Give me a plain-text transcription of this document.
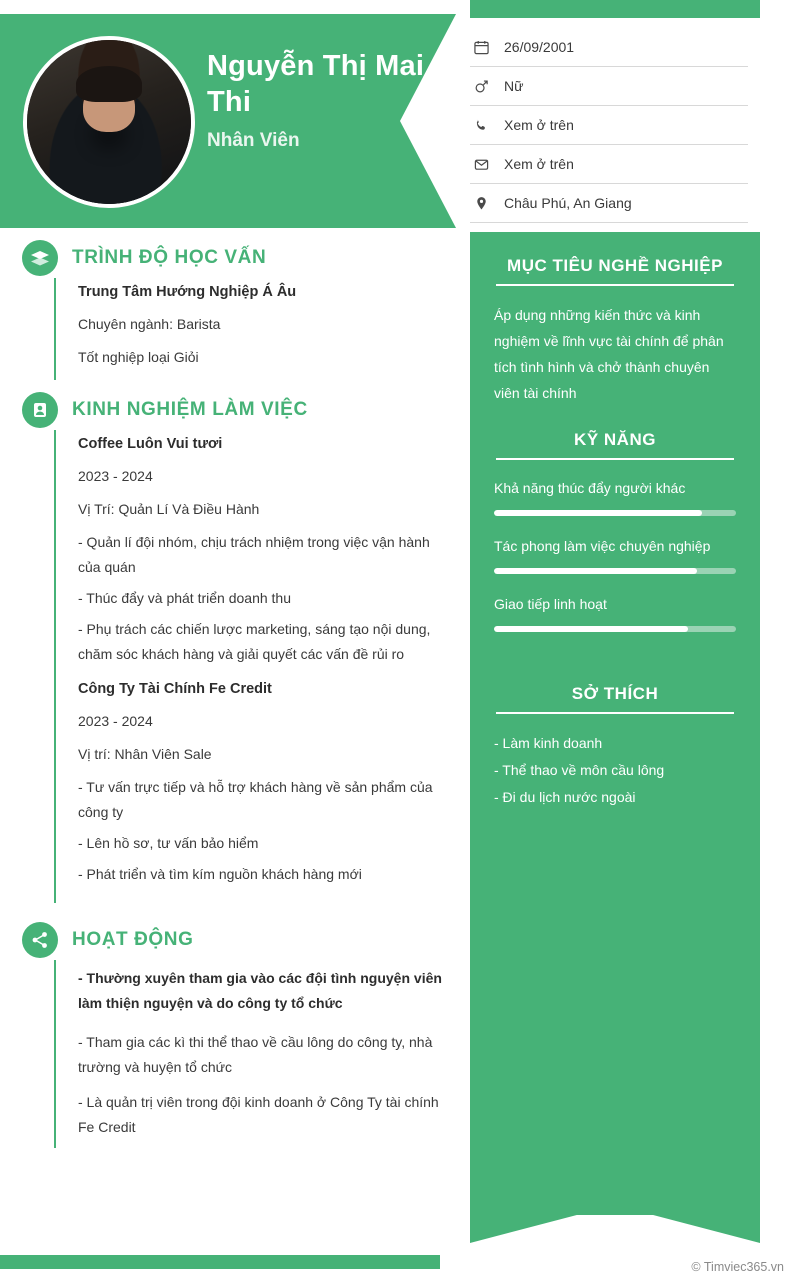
Nguyễn Thị Mai Thi
Nhân Viên
TRÌNH ĐỘ HỌC VẤN
Trung Tâm Hướng Nghiệp Á Âu
Chuyên ngành: Barista
Tốt nghiệp loại Giỏi
KINH NGHIỆM LÀM VIỆC
Coffee Luôn Vui tươi
2023 - 2024
Vị Trí: Quản Lí Và Điều Hành
- Quản lí đội nhóm, chịu trách nhiệm trong việc vận hành của quán
- Thúc đẩy và phát triển doanh thu
- Phụ trách các chiến lược marketing, sáng tạo nội dung, chăm sóc khách hàng và giải quyết các vấn đề rủi ro
Công Ty Tài Chính Fe Credit
2023 - 2024
Vị trí: Nhân Viên Sale
- Tư vấn trực tiếp và hỗ trợ khách hàng về sản phẩm của công ty
- Lên hồ sơ, tư vấn bảo hiểm
- Phát triển và tìm kím nguồn khách hàng mới
HOẠT ĐỘNG
- Thường xuyên tham gia vào các đội tình nguyện viên làm thiện nguyện và do công ty tổ chức
- Tham gia các kì thi thể thao về cầu lông do công ty, nhà trường và huyện tổ chức
- Là quản trị viên trong đội kinh doanh ở Công Ty tài chính Fe Credit
26/09/2001
Nữ
Xem ở trên
Xem ở trên
Châu Phú, An Giang
MỤC TIÊU NGHỀ NGHIỆP
Áp dụng những kiến thức và kinh nghiệm về lĩnh vực tài chính để phân tích tình hình và chở thành chuyên viên tài chính
KỸ NĂNG
Khả năng thúc đẩy người khác
Tác phong làm việc chuyên nghiệp
Giao tiếp linh hoạt
SỞ THÍCH
- Làm kinh doanh
- Thể thao về môn cầu lông
- Đi du lịch nước ngoài
© Timviec365.vn
